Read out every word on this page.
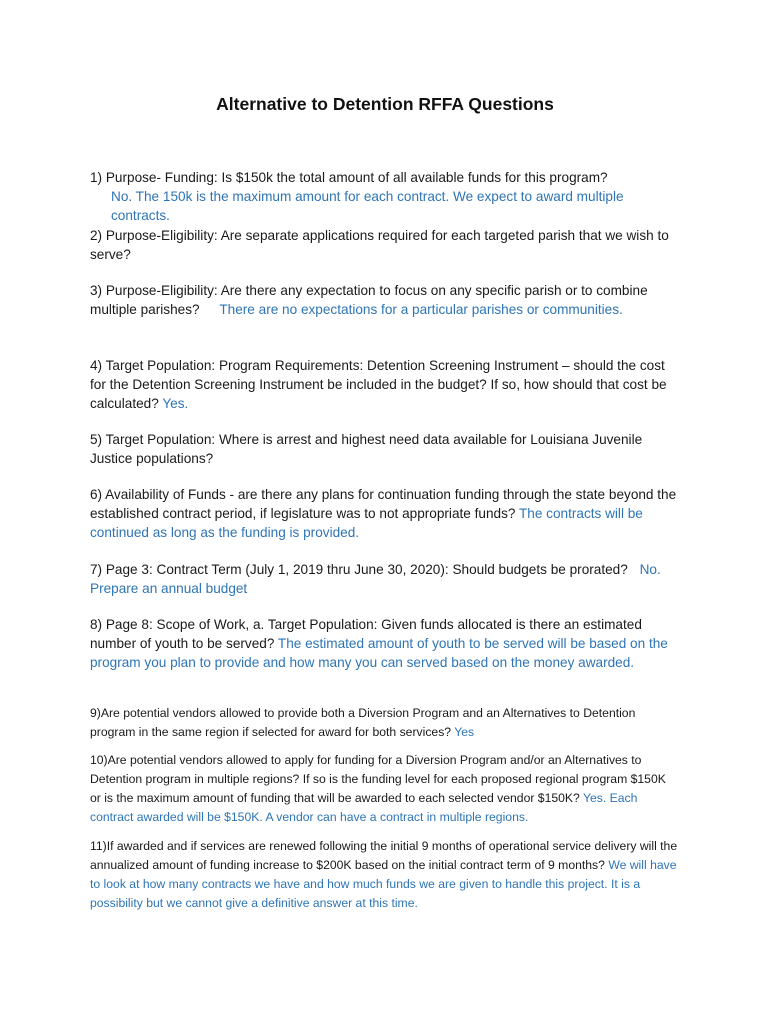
Alternative to Detention RFFA Questions
1) Purpose- Funding: Is $150k the total amount of all available funds for this program?
No. The 150k is the maximum amount for each contract. We expect to award multiple contracts.
2) Purpose-Eligibility: Are separate applications required for each targeted parish that we wish to serve?
3) Purpose-Eligibility: Are there any expectation to focus on any specific parish or to combine multiple parishes? There are no expectations for a particular parishes or communities.
4) Target Population: Program Requirements: Detention Screening Instrument – should the cost for the Detention Screening Instrument be included in the budget? If so, how should that cost be calculated? Yes.
5) Target Population: Where is arrest and highest need data available for Louisiana Juvenile Justice populations?
6) Availability of Funds - are there any plans for continuation funding through the state beyond the established contract period, if legislature was to not appropriate funds? The contracts will be continued as long as the funding is provided.
7) Page 3: Contract Term (July 1, 2019 thru June 30, 2020): Should budgets be prorated? No. Prepare an annual budget
8) Page 8: Scope of Work, a. Target Population: Given funds allocated is there an estimated number of youth to be served? The estimated amount of youth to be served will be based on the program you plan to provide and how many you can served based on the money awarded.
9)Are potential vendors allowed to provide both a Diversion Program and an Alternatives to Detention program in the same region if selected for award for both services? Yes
10)Are potential vendors allowed to apply for funding for a Diversion Program and/or an Alternatives to Detention program in multiple regions? If so is the funding level for each proposed regional program $150K or is the maximum amount of funding that will be awarded to each selected vendor $150K? Yes. Each contract awarded will be $150K. A vendor can have a contract in multiple regions.
11)If awarded and if services are renewed following the initial 9 months of operational service delivery will the annualized amount of funding increase to $200K based on the initial contract term of 9 months? We will have to look at how many contracts we have and how much funds we are given to handle this project. It is a possibility but we cannot give a definitive answer at this time.
